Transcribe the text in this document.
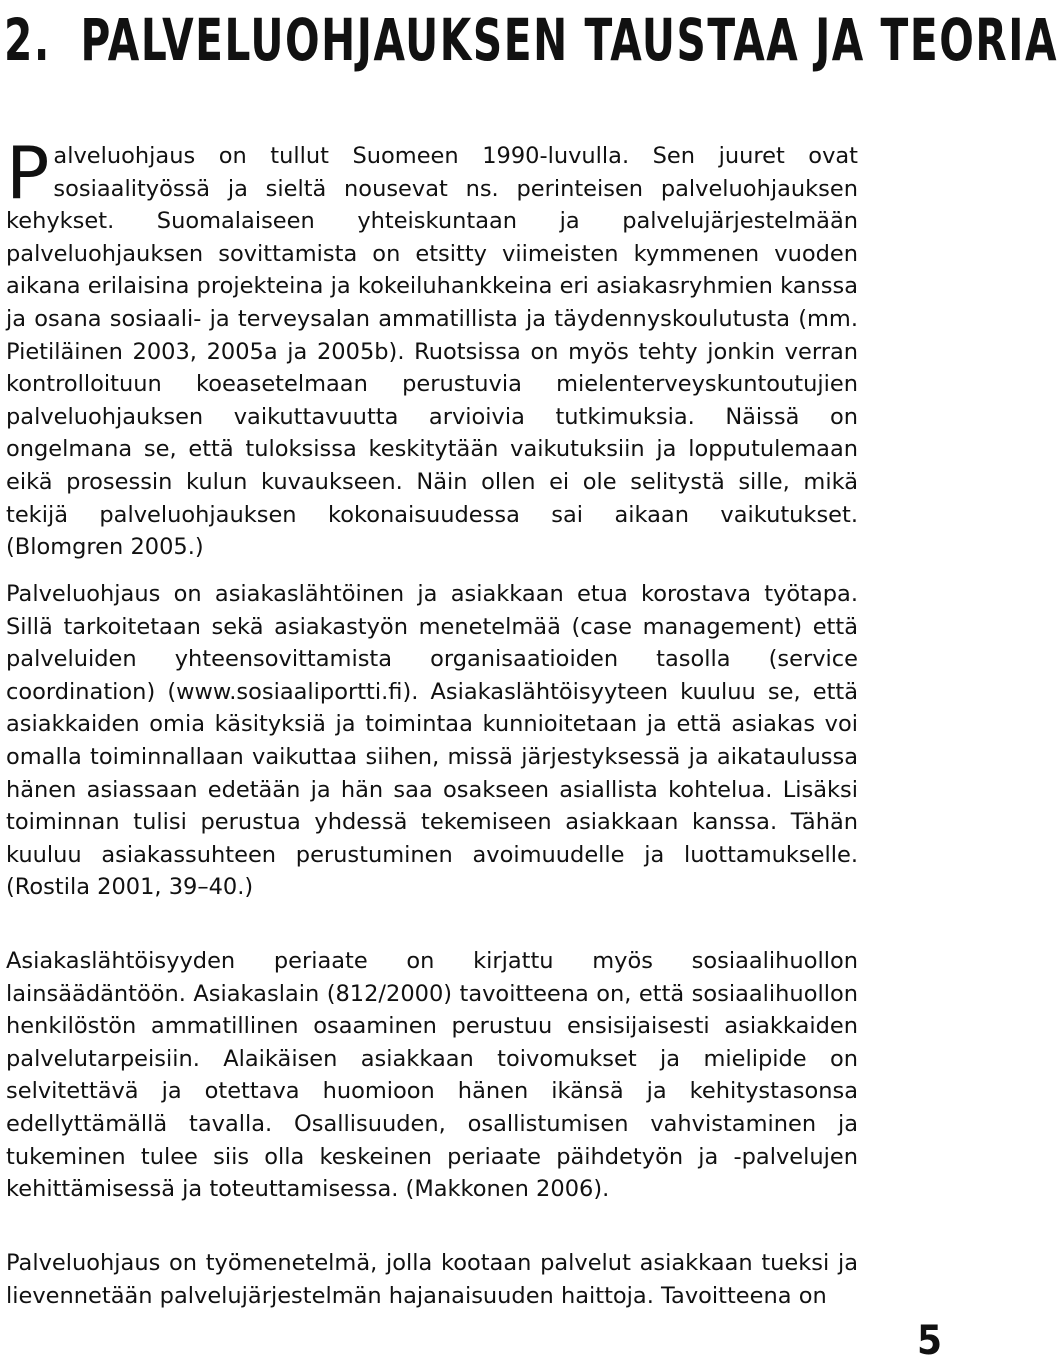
2. PALVELUOHJAUKSEN TAUSTAA JA TEORIA

Palveluohjaus on tullut Suomeen 1990-luvulla. Sen juuret ovat sosiaalityössä ja sieltä nousevat ns. perinteisen palveluohjauksen kehykset. Suomalaiseen yhteiskuntaan ja palvelujärjestelmään palveluohjauksen sovittamista on etsitty viimeisten kymmenen vuoden aikana erilaisina projekteina ja kokeiluhankkeina eri asiakasryhmien kanssa ja osana sosiaali- ja terveysalan ammatillista ja täydennyskoulutusta (mm. Pietiläinen 2003, 2005a ja 2005b). Ruotsissa on myös tehty jonkin verran kontrolloituun koeasetelmaan perustuvia mielenterveyskuntoutujien palveluohjauksen vaikuttavuutta arvioivia tutkimuksia. Näissä on ongelmana se, että tuloksissa keskitytään vaikutuksiin ja lopputulemaan eikä prosessin kulun kuvaukseen. Näin ollen ei ole selitystä sille, mikä tekijä palveluohjauksen kokonaisuudessa sai aikaan vaikutukset. (Blomgren 2005.)

Palveluohjaus on asiakaslähtöinen ja asiakkaan etua korostava työtapa. Sillä tarkoitetaan sekä asiakastyön menetelmää (case management) että palveluiden yhteensovittamista organisaatioiden tasolla (service coordination) (www.sosiaaliportti.fi). Asiakaslähtöisyyteen kuuluu se, että asiakkaiden omia käsityksiä ja toimintaa kunnioitetaan ja että asiakas voi omalla toiminnallaan vaikuttaa siihen, missä järjestyksessä ja aikataulussa hänen asiassaan edetään ja hän saa osakseen asiallista kohtelua. Lisäksi toiminnan tulisi perustua yhdessä tekemiseen asiakkaan kanssa. Tähän kuuluu asiakassuhteen perustuminen avoimuudelle ja luottamukselle. (Rostila 2001, 39–40.)

Asiakaslähtöisyyden periaate on kirjattu myös sosiaalihuollon lainsäädäntöön. Asiakaslain (812/2000) tavoitteena on, että sosiaalihuollon henkilöstön ammatillinen osaaminen perustuu ensisijaisesti asiakkaiden palvelutarpeisiin. Alaikäisen asiakkaan toivomukset ja mielipide on selvitettävä ja otettava huomioon hänen ikänsä ja kehitystasonsa edellyttämällä tavalla. Osallisuuden, osallistumisen vahvistaminen ja tukeminen tulee siis olla keskeinen periaate päihdetyön ja -palvelujen kehittämisessä ja toteuttamisessa. (Makkonen 2006).

Palveluohjaus on työmenetelmä, jolla kootaan palvelut asiakkaan tueksi ja lievennetään palvelujärjestelmän hajanaisuuden haittoja. Tavoitteena on

5
